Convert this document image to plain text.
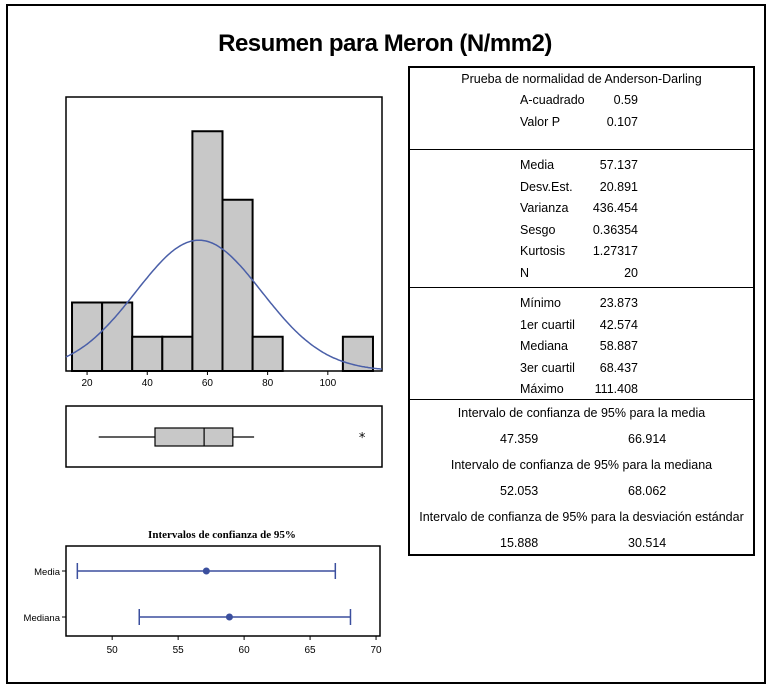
Resumen para Meron (N/mm2)
20	40	60	80	100
*
Intervalos de confianza de 95%
Media
Mediana
50	55	60	65	70
Prueba de normalidad de Anderson-Darling
A-cuadrado 0.59
Valor P	0.107
Media	57.137
Desv.Est. 20.891
Varianza 436.454
Sesgo	0.36354
Kurtosis 1.27317
N	20
Mínimo	23.873
1er cuartil 42.574
Mediana	58.887
3er cuartil 68.437
Máximo 111.408
Intervalo de confianza de 95% para la media
47.359	66.914
Intervalo de confianza de 95% para la mediana
52.053	68.062
Intervalo de confianza de 95% para la desviación estándar
15.888	30.514
